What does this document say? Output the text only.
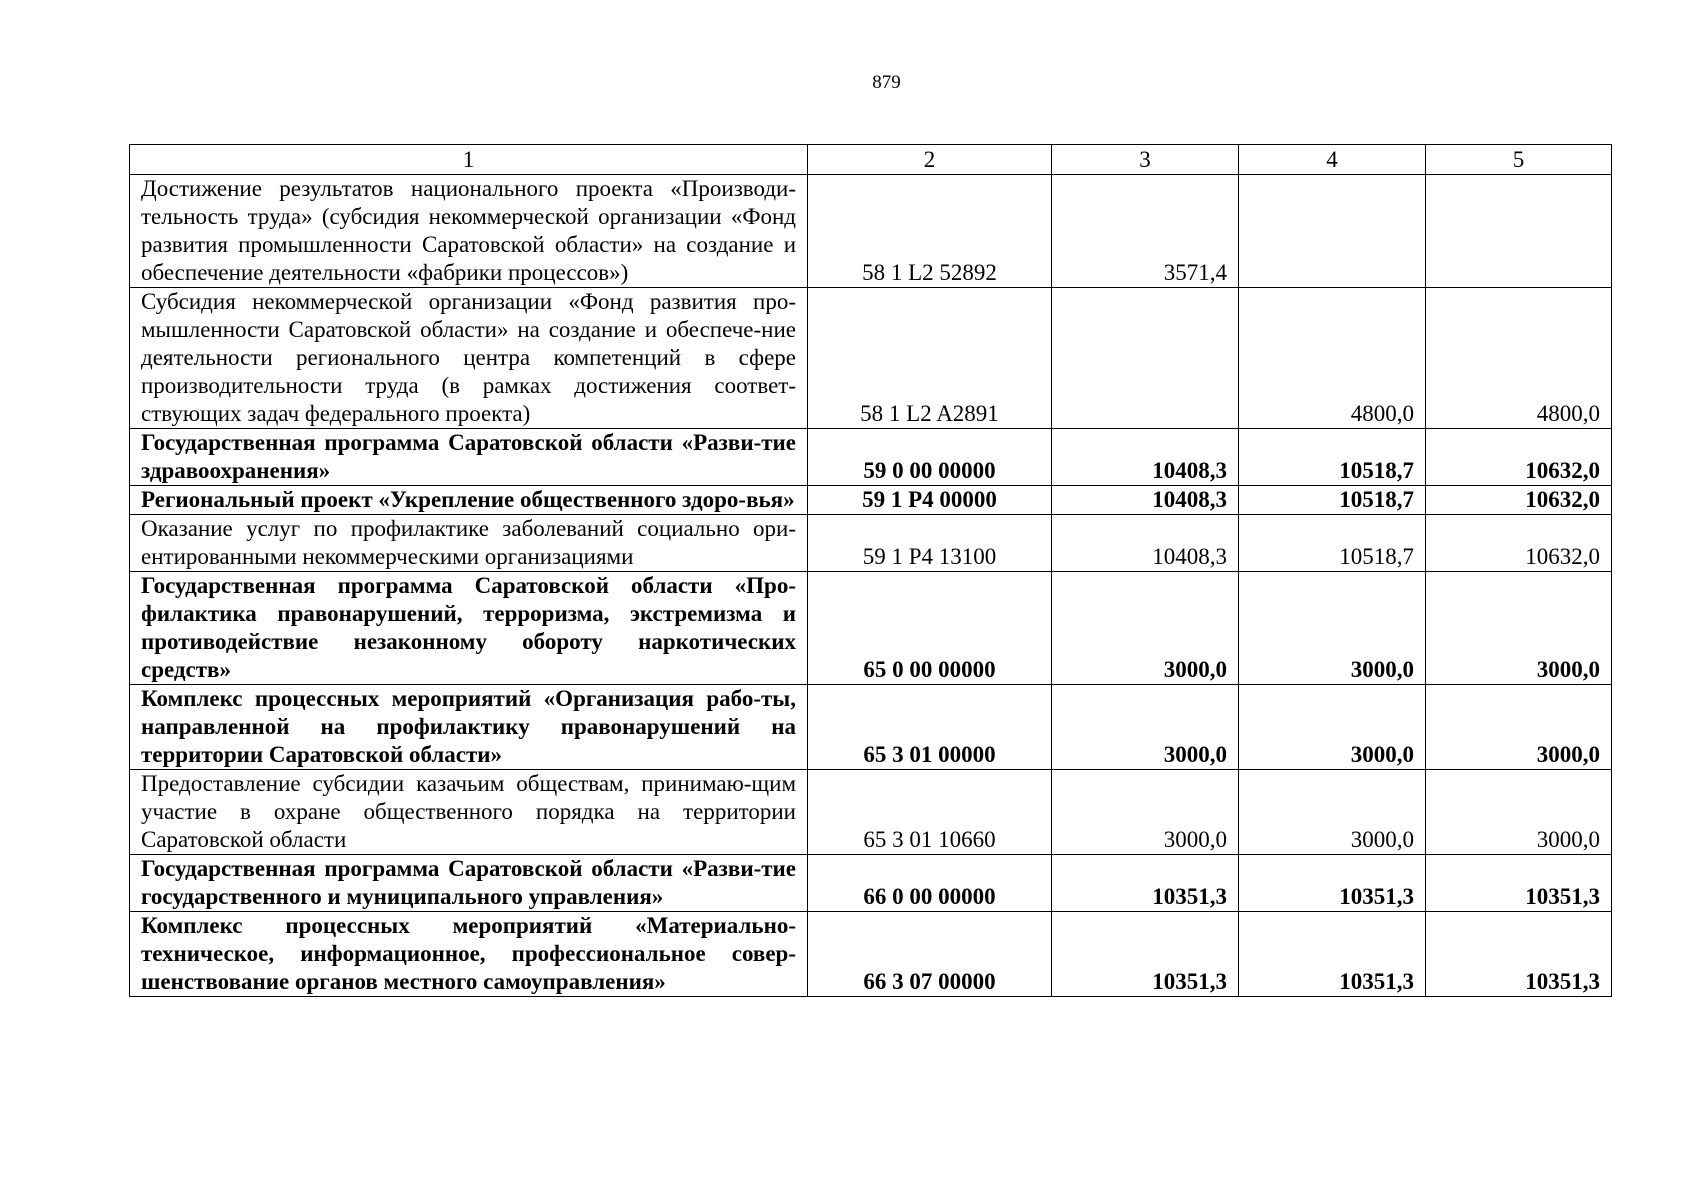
879
1	2	3	4	5
Достижение результатов национального проекта «Производи-тельность труда» (субсидия некоммерческой организации «Фонд развития промышленности Саратовской области» на создание и обеспечение деятельности «фабрики процессов»)	58 1 L2 52892	3571,4		
Субсидия некоммерческой организации «Фонд развития про-мышленности Саратовской области» на создание и обеспече-ние деятельности регионального центра компетенций в сфере производительности труда (в рамках достижения соответ-ствующих задач федерального проекта)	58 1 L2 A2891		4800,0	4800,0
Государственная программа Саратовской области «Разви-тие здравоохранения»	59 0 00 00000	10408,3	10518,7	10632,0
Региональный проект «Укрепление общественного здоро-вья»	59 1 P4 00000	10408,3	10518,7	10632,0
Оказание услуг по профилактике заболеваний социально ори-ентированными некоммерческими организациями	59 1 P4 13100	10408,3	10518,7	10632,0
Государственная программа Саратовской области «Про-филактика правонарушений, терроризма, экстремизма и противодействие незаконному обороту наркотических средств»	65 0 00 00000	3000,0	3000,0	3000,0
Комплекс процессных мероприятий «Организация рабо-ты, направленной на профилактику правонарушений на территории Саратовской области»	65 3 01 00000	3000,0	3000,0	3000,0
Предоставление субсидии казачьим обществам, принимаю-щим участие в охране общественного порядка на территории Саратовской области	65 3 01 10660	3000,0	3000,0	3000,0
Государственная программа Саратовской области «Разви-тие государственного и муниципального управления»	66 0 00 00000	10351,3	10351,3	10351,3
Комплекс процессных мероприятий «Материально-техническое, информационное, профессиональное совер-шенствование органов местного самоуправления»	66 3 07 00000	10351,3	10351,3	10351,3
